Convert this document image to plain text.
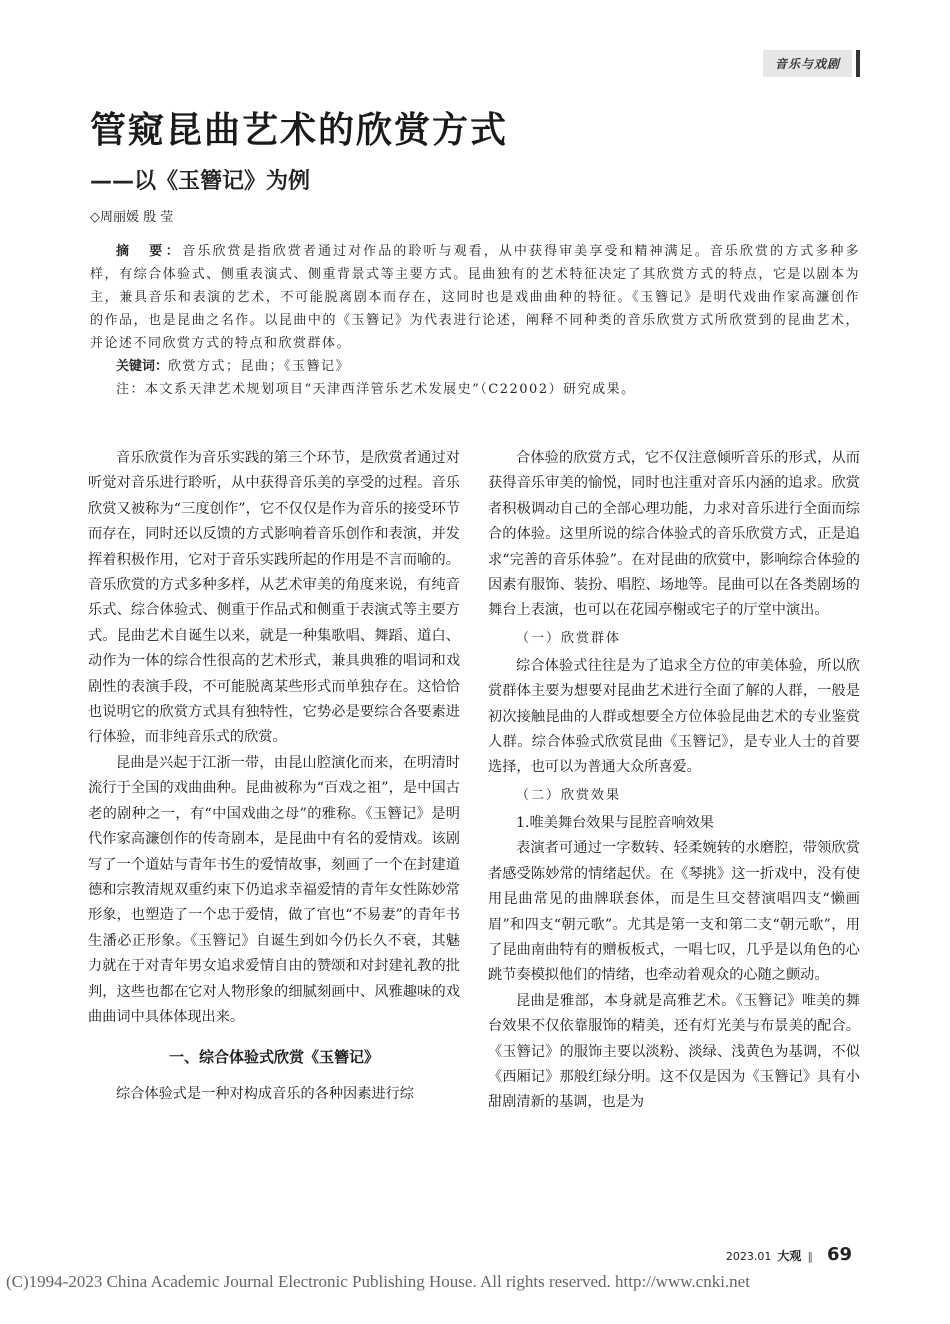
音乐与戏剧
管窥昆曲艺术的欣赏方式
——以《玉簪记》为例
◇周丽媛 殷 莹

摘　要：音乐欣赏是指欣赏者通过对作品的聆听与观看，从中获得审美享受和精神满足。音乐欣赏的方式多种多样，有综合体验式、侧重表演式、侧重背景式等主要方式。昆曲独有的艺术特征决定了其欣赏方式的特点，它是以剧本为主，兼具音乐和表演的艺术，不可能脱离剧本而存在，这同时也是戏曲曲种的特征。《玉簪记》是明代戏曲作家高濂创作的作品，也是昆曲之名作。以昆曲中的《玉簪记》为代表进行论述，阐释不同种类的音乐欣赏方式所欣赏到的昆曲艺术，并论述不同欣赏方式的特点和欣赏群体。

关键词：欣赏方式；昆曲；《玉簪记》

注：本文系天津艺术规划项目“天津西洋管乐艺术发展史”（C22002）研究成果。

音乐欣赏作为音乐实践的第三个环节，是欣赏者通过对听觉对音乐进行聆听，从中获得音乐美的享受的过程。音乐欣赏又被称为“三度创作”，它不仅仅是作为音乐的接受环节而存在，同时还以反馈的方式影响着音乐创作和表演，并发挥着积极作用，它对于音乐实践所起的作用是不言而喻的。音乐欣赏的方式多种多样，从艺术审美的角度来说，有纯音乐式、综合体验式、侧重于作品式和侧重于表演式等主要方式。昆曲艺术自诞生以来，就是一种集歌唱、舞蹈、道白、动作为一体的综合性很高的艺术形式，兼具典雅的唱词和戏剧性的表演手段，不可能脱离某些形式而单独存在。这恰恰也说明它的欣赏方式具有独特性，它势必是要综合各要素进行体验，而非纯音乐式的欣赏。

昆曲是兴起于江浙一带，由昆山腔演化而来，在明清时流行于全国的戏曲曲种。昆曲被称为“百戏之祖”，是中国古老的剧种之一，有“中国戏曲之母”的雅称。《玉簪记》是明代作家高濂创作的传奇剧本，是昆曲中有名的爱情戏。该剧写了一个道姑与青年书生的爱情故事，刻画了一个在封建道德和宗教清规双重约束下仍追求幸福爱情的青年女性陈妙常形象，也塑造了一个忠于爱情，做了官也“不易妻”的青年书生潘必正形象。《玉簪记》自诞生到如今仍长久不衰，其魅力就在于对青年男女追求爱情自由的赞颂和对封建礼教的批判，这些也都在它对人物形象的细腻刻画中、风雅趣味的戏曲曲词中具体体现出来。

一、综合体验式欣赏《玉簪记》

综合体验式是一种对构成音乐的各种因素进行综

合体验的欣赏方式，它不仅注意倾听音乐的形式，从而获得音乐审美的愉悦，同时也注重对音乐内涵的追求。欣赏者积极调动自己的全部心理功能，力求对音乐进行全面而综合的体验。这里所说的综合体验式的音乐欣赏方式，正是追求“完善的音乐体验”。在对昆曲的欣赏中，影响综合体验的因素有服饰、装扮、唱腔、场地等。昆曲可以在各类剧场的舞台上表演，也可以在花园亭榭或宅子的厅堂中演出。

（一）欣赏群体

综合体验式往往是为了追求全方位的审美体验，所以欣赏群体主要为想要对昆曲艺术进行全面了解的人群，一般是初次接触昆曲的人群或想要全方位体验昆曲艺术的专业鉴赏人群。综合体验式欣赏昆曲《玉簪记》，是专业人士的首要选择，也可以为普通大众所喜爱。

（二）欣赏效果

1.唯美舞台效果与昆腔音响效果

表演者可通过一字数转、轻柔婉转的水磨腔，带领欣赏者感受陈妙常的情绪起伏。在《琴挑》这一折戏中，没有使用昆曲常见的曲牌联套体，而是生旦交替演唱四支“懒画眉”和四支“朝元歌”。尤其是第一支和第二支“朝元歌”，用了昆曲南曲特有的赠板板式，一唱七叹，几乎是以角色的心跳节奏模拟他们的情绪，也牵动着观众的心随之颤动。

昆曲是雅部，本身就是高雅艺术。《玉簪记》唯美的舞台效果不仅依靠服饰的精美，还有灯光美与布景美的配合。《玉簪记》的服饰主要以淡粉、淡绿、浅黄色为基调，不似《西厢记》那般红绿分明。这不仅是因为《玉簪记》具有小甜剧清新的基调，也是为

2023.01 大观 ‖ 69
(C)1994-2023 China Academic Journal Electronic Publishing House. All rights reserved. http://www.cnki.net
